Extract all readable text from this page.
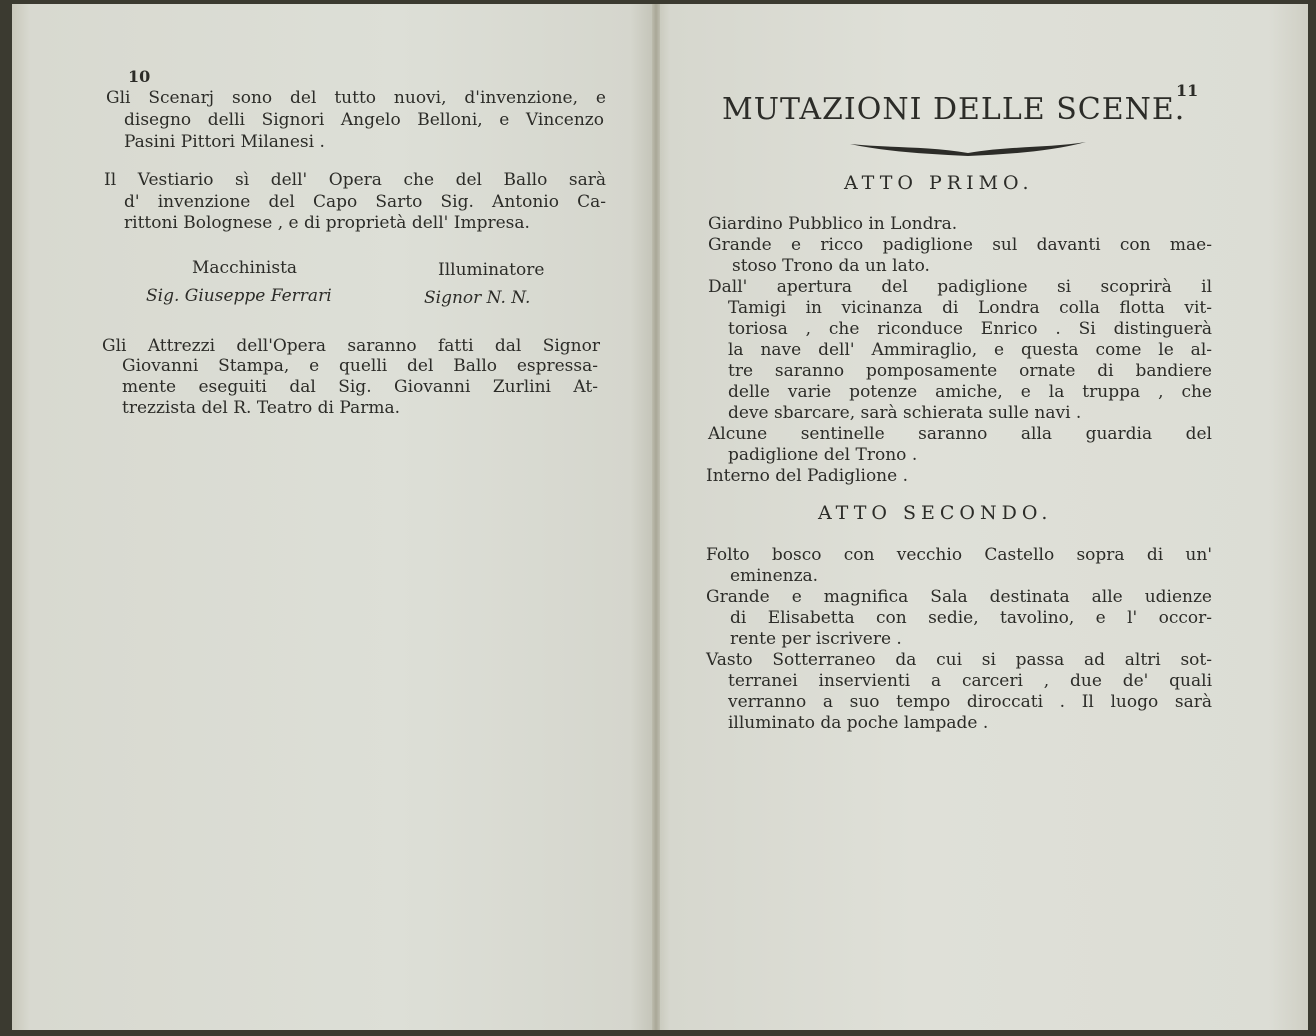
10
Gli Scenarj sono del tutto nuovi, d'invenzione, e
disegno delli Signori Angelo Belloni, e Vincenzo
Pasini Pittori Milanesi .
Il Vestiario sì dell' Opera che del Ballo sarà
d' invenzione del Capo Sarto Sig. Antonio Ca-
rittoni Bolognese , e di proprietà dell' Impresa.
Macchinista
Sig. Giuseppe Ferrari
Illuminatore
Signor N. N.
Gli Attrezzi dell'Opera saranno fatti dal Signor
Giovanni Stampa, e quelli del Ballo espressa-
mente eseguiti dal Sig. Giovanni Zurlini At-
trezzista del R. Teatro di Parma.
11
MUTAZIONI DELLE SCENE.
ATTO PRIMO.
Giardino Pubblico in Londra.
Grande e ricco padiglione sul davanti con mae-
stoso Trono da un lato.
Dall' apertura del padiglione si scoprirà il
Tamigi in vicinanza di Londra colla flotta vit-
toriosa , che riconduce Enrico . Si distinguerà
la nave dell' Ammiraglio, e questa come le al-
tre saranno pomposamente ornate di bandiere
delle varie potenze amiche, e la truppa , che
deve sbarcare, sarà schierata sulle navi .
Alcune sentinelle saranno alla guardia del
padiglione del Trono .
Interno del Padiglione .
ATTO SECONDO.
Folto bosco con vecchio Castello sopra di un'
eminenza.
Grande e magnifica Sala destinata alle udienze
di Elisabetta con sedie, tavolino, e l' occor-
rente per iscrivere .
Vasto Sotterraneo da cui si passa ad altri sot-
terranei inservienti a carceri , due de' quali
verranno a suo tempo diroccati . Il luogo sarà
illuminato da poche lampade .
